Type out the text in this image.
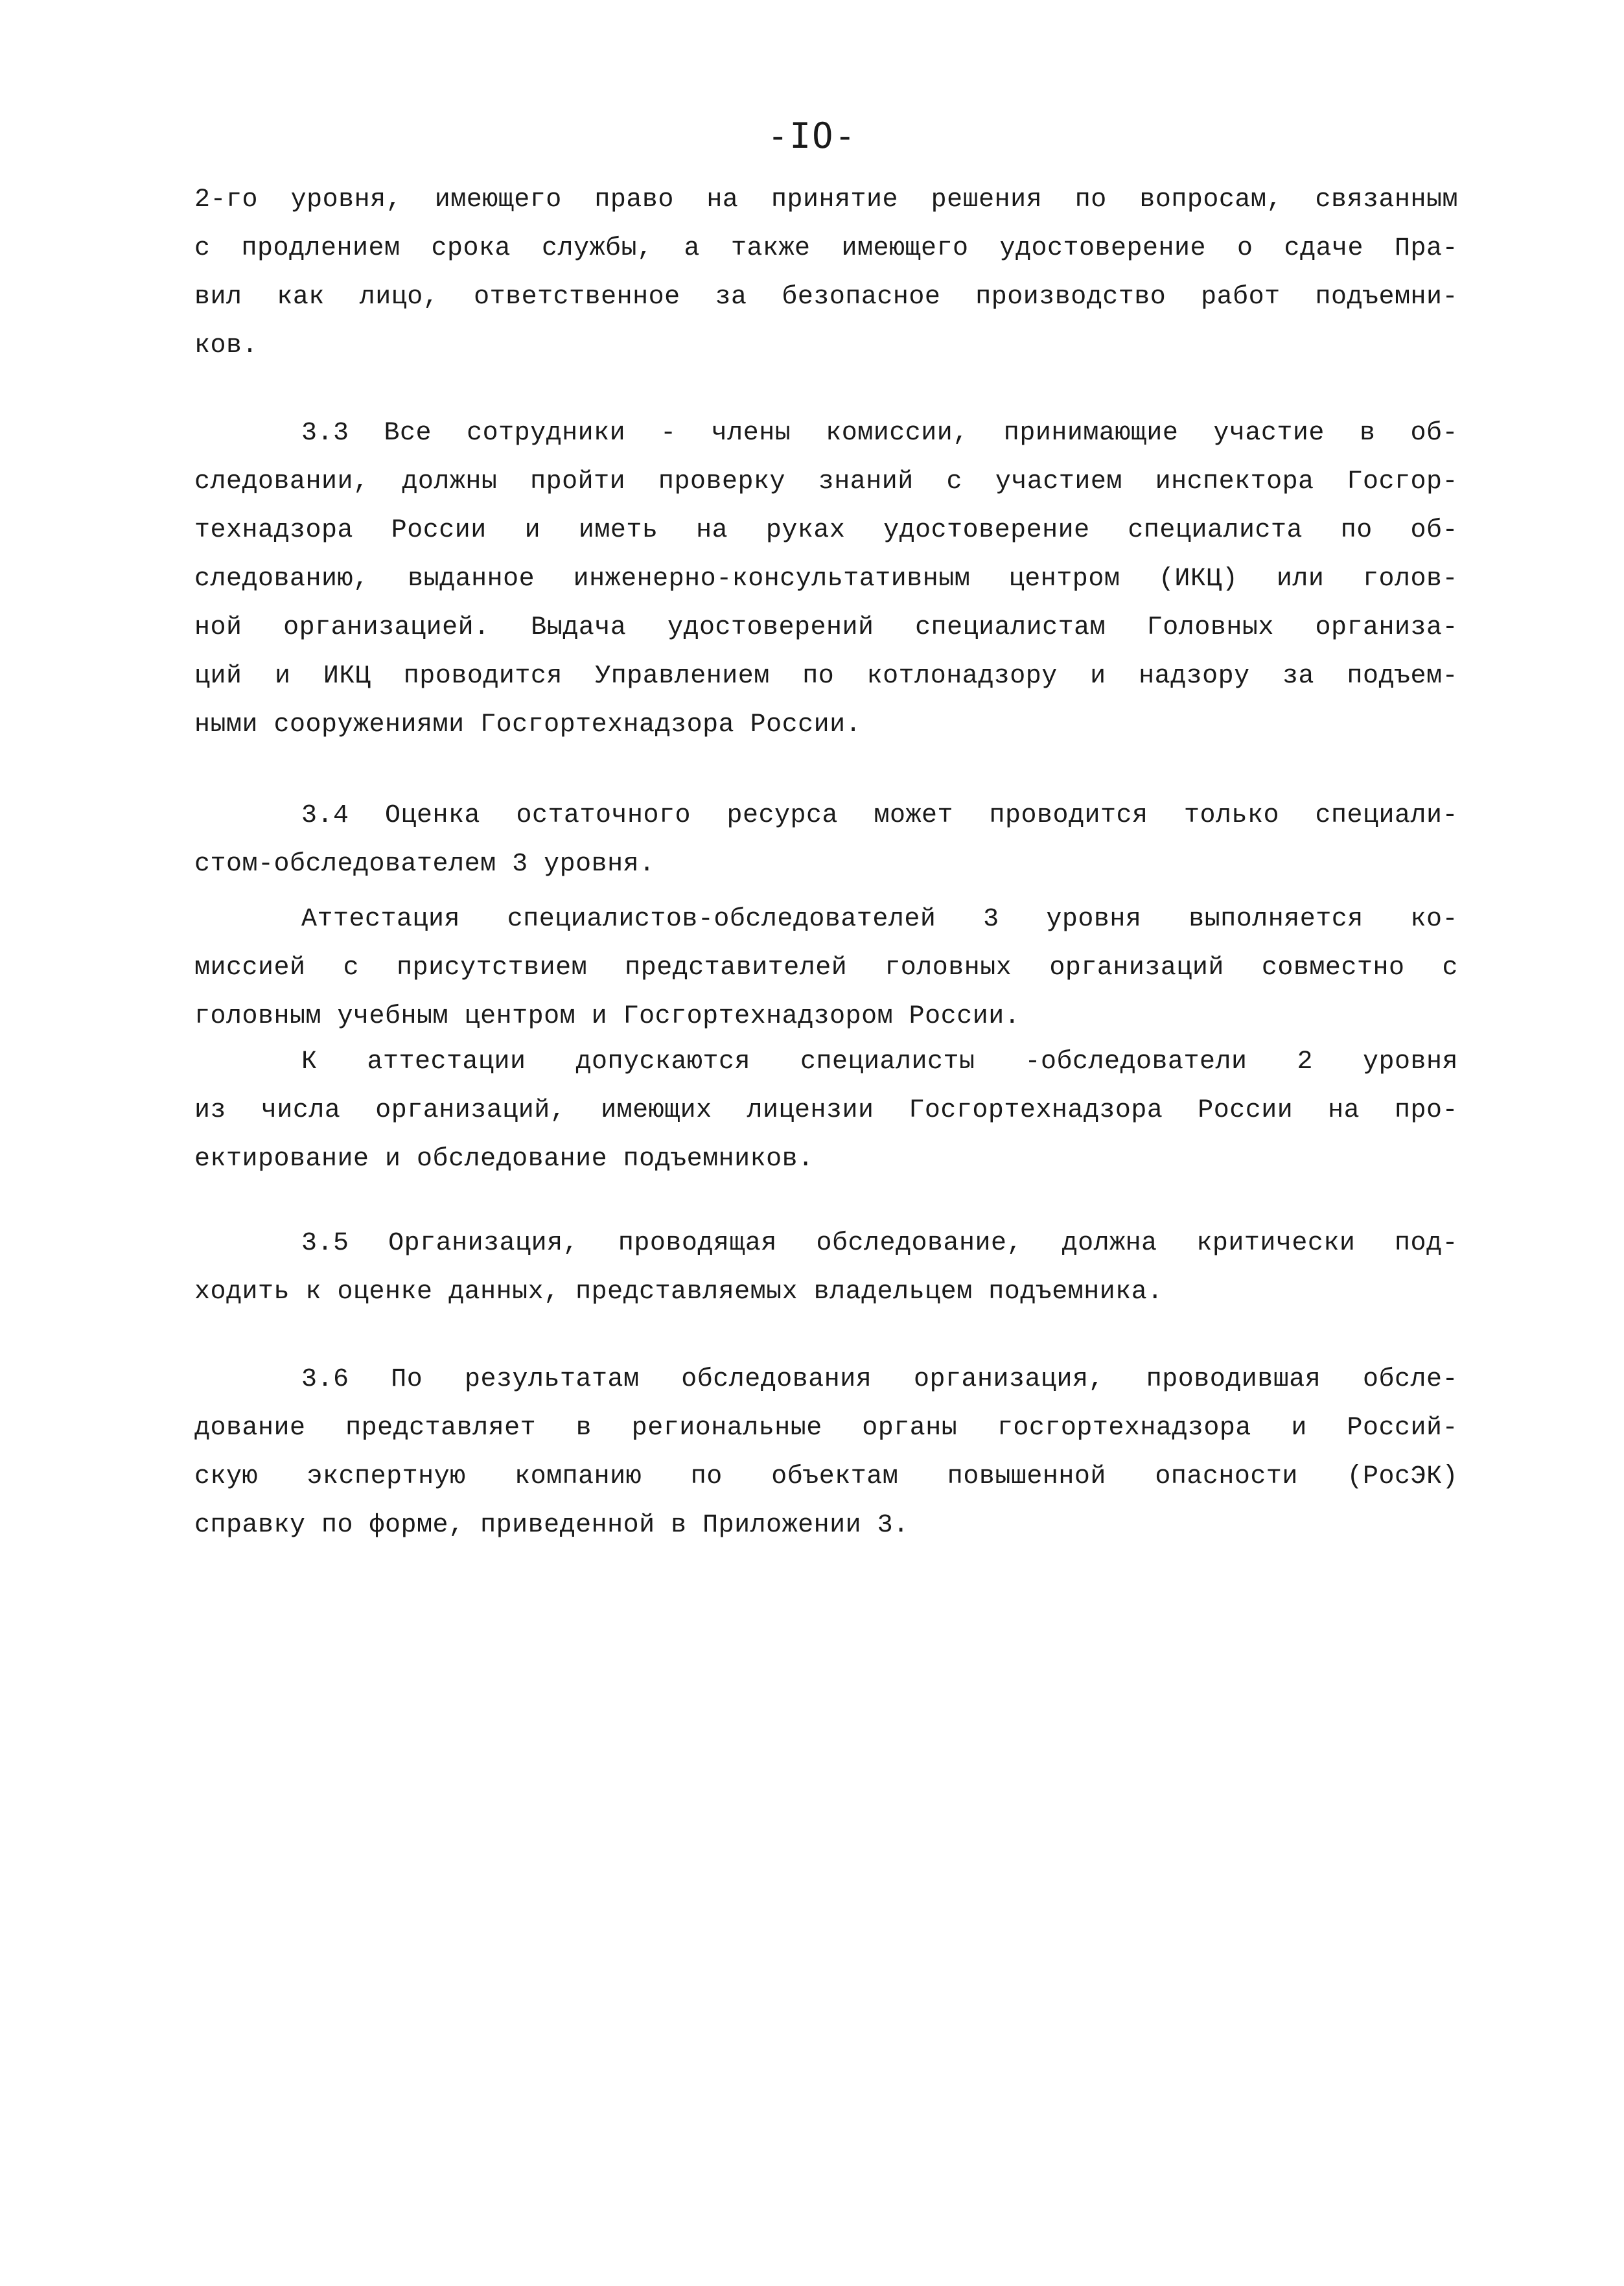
-IO-
2-го уровня, имеющего право на принятие решения по вопросам, связанным
с продлением срока службы, а также имеющего удостоверение о сдаче Пра-
вил как лицо, ответственное за безопасное производство работ подъемни-
ков.
3.3 Все сотрудники - члены комиссии, принимающие участие в об-
следовании, должны пройти проверку знаний с участием инспектора Госгор-
технадзора России и иметь на руках удостоверение специалиста по об-
следованию, выданное инженерно-консультативным центром (ИКЦ) или голов-
ной организацией. Выдача удостоверений специалистам Головных организа-
ций и ИКЦ проводится Управлением по котлонадзору и надзору за подъем-
ными сооружениями Госгортехнадзора России.
3.4 Оценка остаточного ресурса может проводится только специали-
стом-обследователем 3 уровня.
Аттестация специалистов-обследователей 3 уровня выполняется ко-
миссией с присутствием представителей головных организаций совместно с
головным учебным центром и Госгортехнадзором России.
К аттестации допускаются специалисты -обследователи 2 уровня
из числа организаций, имеющих лицензии Госгортехнадзора России на про-
ектирование и обследование подъемников.
3.5 Организация, проводящая обследование, должна критически под-
ходить к оценке данных, представляемых владельцем подъемника.
3.6 По результатам обследования организация, проводившая обсле-
дование представляет в региональные органы госгортехнадзора и Россий-
скую экспертную компанию по объектам повышенной опасности (РосЭК)
справку по форме, приведенной в Приложении 3.
